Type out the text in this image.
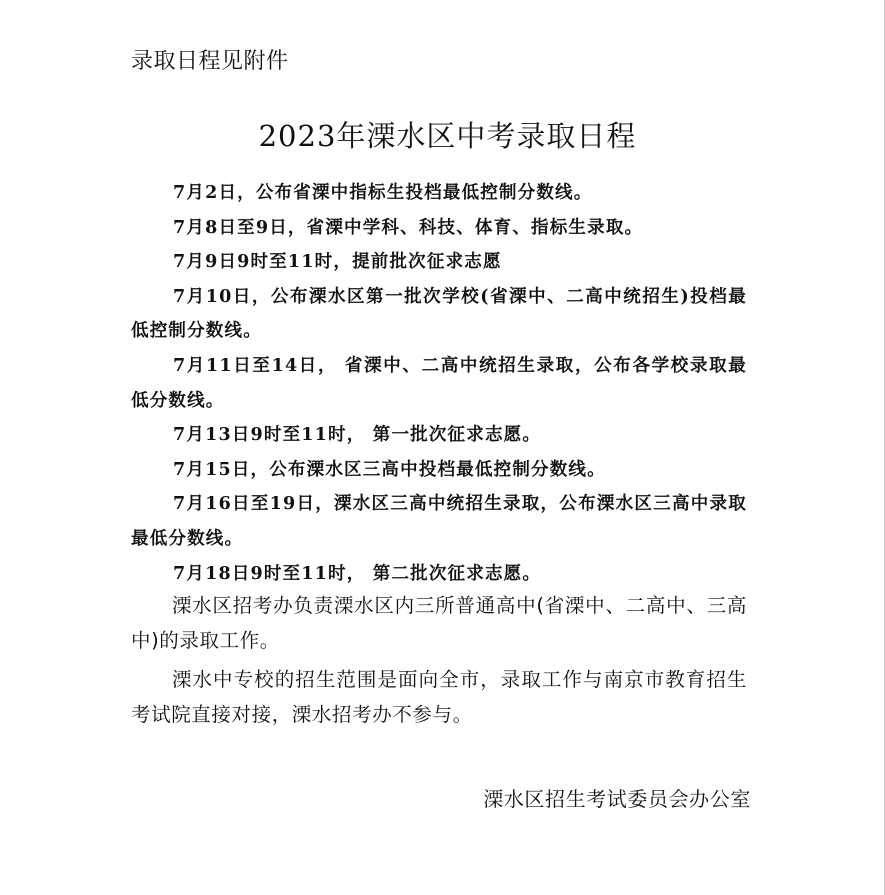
录取日程见附件
2023年溧水区中考录取日程

7月2日，公布省溧中指标生投档最低控制分数线。

7月8日至9日，省溧中学科、科技、体育、指标生录取。

7月9日9时至11时，提前批次征求志愿

7月10日，公布溧水区第一批次学校(省溧中、二高中统招生)投档最低控制分数线。

7月11日至14日， 省溧中、二高中统招生录取，公布各学校录取最低分数线。

7月13日9时至11时， 第一批次征求志愿。

7月15日，公布溧水区三高中投档最低控制分数线。

7月16日至19日，溧水区三高中统招生录取，公布溧水区三高中录取最低分数线。

7月18日9时至11时， 第二批次征求志愿。

溧水区招考办负责溧水区内三所普通高中(省溧中、二高中、三高中)的录取工作。

溧水中专校的招生范围是面向全市，录取工作与南京市教育招生考试院直接对接，溧水招考办不参与。

溧水区招生考试委员会办公室
